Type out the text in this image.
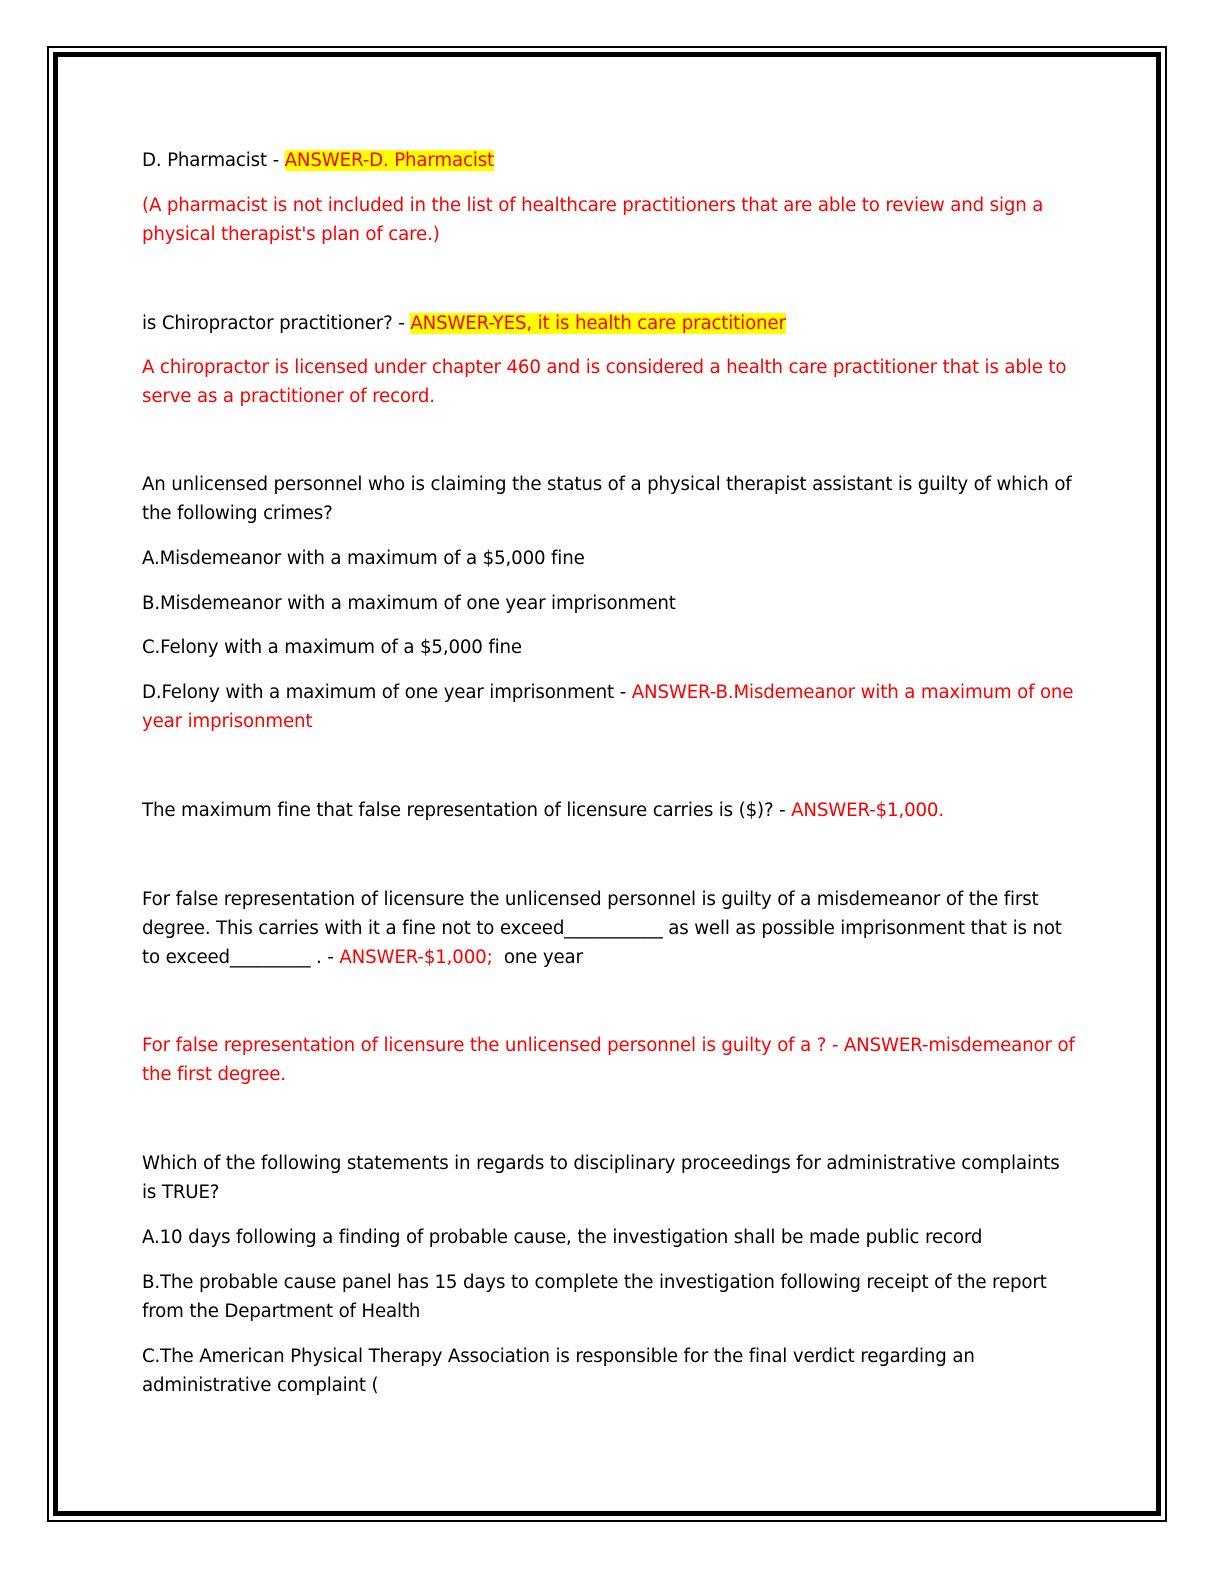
D. Pharmacist - ANSWER-D. Pharmacist

(A pharmacist is not included in the list of healthcare practitioners that are able to review and sign a physical therapist's plan of care.)

is Chiropractor practitioner? - ANSWER-YES, it is health care practitioner

A chiropractor is licensed under chapter 460 and is considered a health care practitioner that is able to serve as a practitioner of record.

An unlicensed personnel who is claiming the status of a physical therapist assistant is guilty of which of the following crimes?

A.Misdemeanor with a maximum of a $5,000 fine

B.Misdemeanor with a maximum of one year imprisonment

C.Felony with a maximum of a $5,000 fine

D.Felony with a maximum of one year imprisonment - ANSWER-B.Misdemeanor with a maximum of one year imprisonment

The maximum fine that false representation of licensure carries is ($)? - ANSWER-$1,000.

For false representation of licensure the unlicensed personnel is guilty of a misdemeanor of the first degree. This carries with it a fine not to exceed___________ as well as possible imprisonment that is not to exceed_________ . - ANSWER-$1,000;  one year

For false representation of licensure the unlicensed personnel is guilty of a ? - ANSWER-misdemeanor of the first degree.

Which of the following statements in regards to disciplinary proceedings for administrative complaints is TRUE?

A.10 days following a finding of probable cause, the investigation shall be made public record

B.The probable cause panel has 15 days to complete the investigation following receipt of the report from the Department of Health

C.The American Physical Therapy Association is responsible for the final verdict regarding an administrative complaint (
